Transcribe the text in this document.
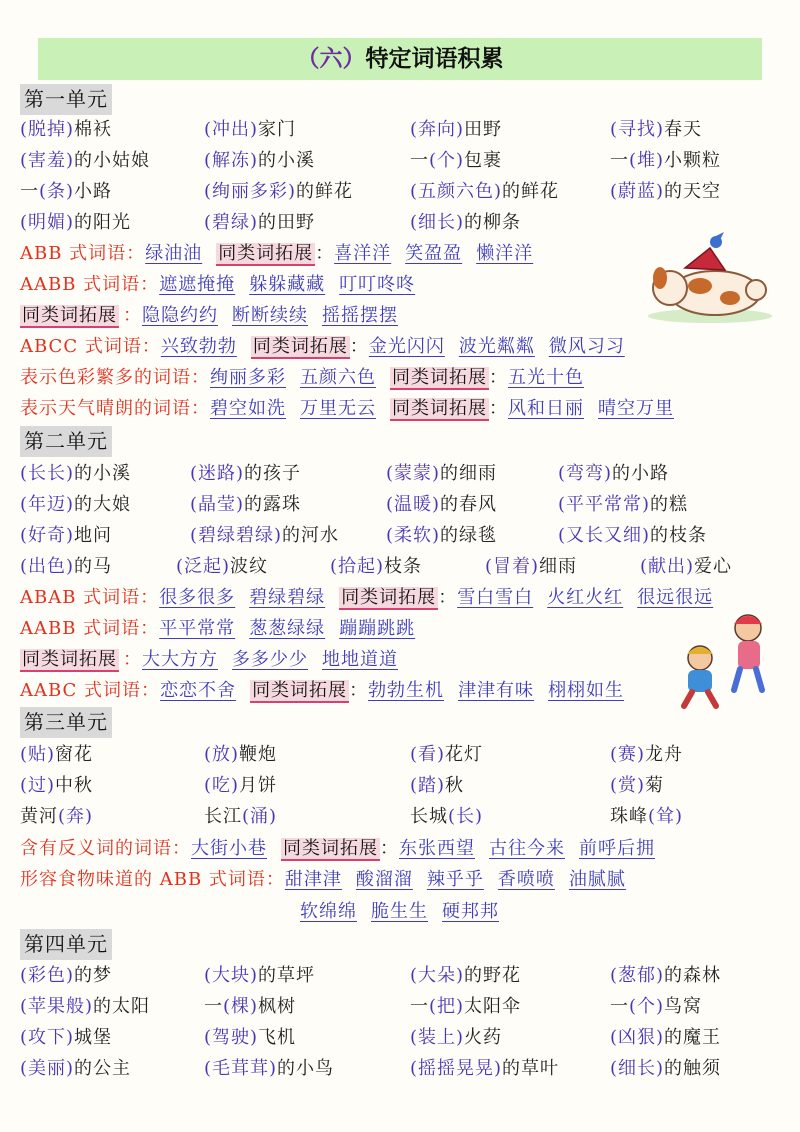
（六）特定词语积累
第一单元
(脱掉)棉袄	(冲出)家门	(奔向)田野	(寻找)春天
(害羞)的小姑娘	(解冻)的小溪	一(个)包裹	一(堆)小颗粒
一(条)小路	(绚丽多彩)的鲜花	(五颜六色)的鲜花	(蔚蓝)的天空
(明媚)的阳光	(碧绿)的田野	(细长)的柳条
ABB 式词语：绿油油 同类词拓展 ：喜洋洋 笑盈盈 懒洋洋
AABB 式词语：遮遮掩掩 躲躲藏藏 叮叮咚咚
同类词拓展 ：隐隐约约 断断续续 摇摇摆摆
ABCC 式词语：兴致勃勃 同类词拓展 ：金光闪闪 波光粼粼 微风习习
表示色彩繁多的词语：绚丽多彩 五颜六色 同类词拓展 ：五光十色
表示天气晴朗的词语：碧空如洗 万里无云 同类词拓展 ：风和日丽 晴空万里
第二单元
(长长)的小溪	(迷路)的孩子	(蒙蒙)的细雨	(弯弯)的小路
(年迈)的大娘	(晶莹)的露珠	(温暖)的春风	(平平常常)的糕
(好奇)地问	(碧绿碧绿)的河水	(柔软)的绿毯	(又长又细)的枝条
(出色)的马	(泛起)波纹	(拾起)枝条	(冒着)细雨	(献出)爱心
ABAB 式词语：很多很多 碧绿碧绿 同类词拓展 ：雪白雪白 火红火红 很远很远
AABB 式词语：平平常常 葱葱绿绿 蹦蹦跳跳
同类词拓展 ：大大方方 多多少少 地地道道
AABC 式词语：恋恋不舍 同类词拓展 ：勃勃生机 津津有味 栩栩如生
第三单元
(贴)窗花	(放)鞭炮	(看)花灯	(赛)龙舟
(过)中秋	(吃)月饼	(踏)秋	(赏)菊
黄河(奔)	长江(涌)	长城(长)	珠峰(耸)
含有反义词的词语：大街小巷 同类词拓展 ：东张西望 古往今来 前呼后拥
形容食物味道的 ABB 式词语：甜津津 酸溜溜 辣乎乎 香喷喷 油腻腻
软绵绵 脆生生 硬邦邦
第四单元
(彩色)的梦	(大块)的草坪	(大朵)的野花	(葱郁)的森林
(苹果般)的太阳	一(棵)枫树	一(把)太阳伞	一(个)鸟窝
(攻下)城堡	(驾驶)飞机	(装上)火药	(凶狠)的魔王
(美丽)的公主	(毛茸茸)的小鸟	(摇摇晃晃)的草叶	(细长)的触须
